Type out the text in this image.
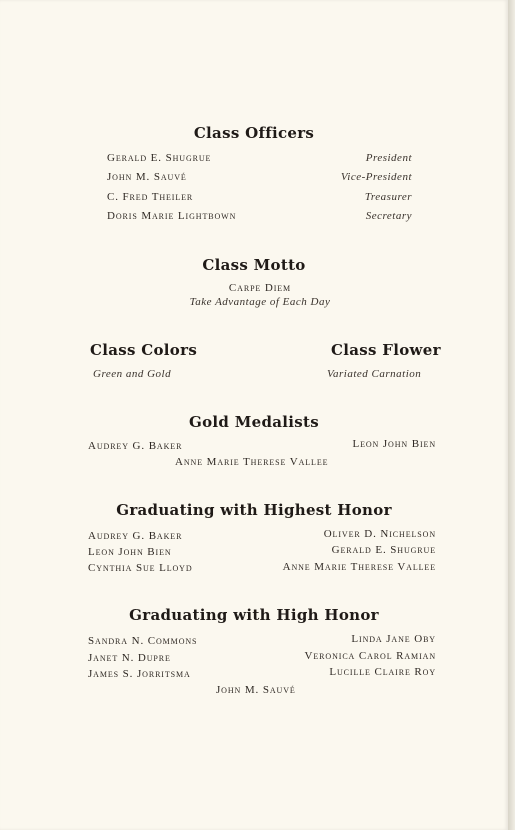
Class Officers
Gerald E. Shugrue	President
John M. Sauvé	Vice-President
C. Fred Theiler	Treasurer
Doris Marie Lightbown	Secretary
Class Motto
Carpe Diem
Take Advantage of Each Day
Class Colors
Green and Gold
Class Flower
Variated Carnation
Gold Medalists
Audrey G. Baker	Leon John Bien
Anne Marie Therese Vallee
Graduating with Highest Honor
Audrey G. Baker
Leon John Bien
Cynthia Sue Lloyd
Oliver D. Nichelson
Gerald E. Shugrue
Anne Marie Therese Vallee
Graduating with High Honor
Sandra N. Commons
Janet N. Dupre
James S. Jorritsma
Linda Jane Oby
Veronica Carol Ramian
Lucille Claire Roy
John M. Sauvé
